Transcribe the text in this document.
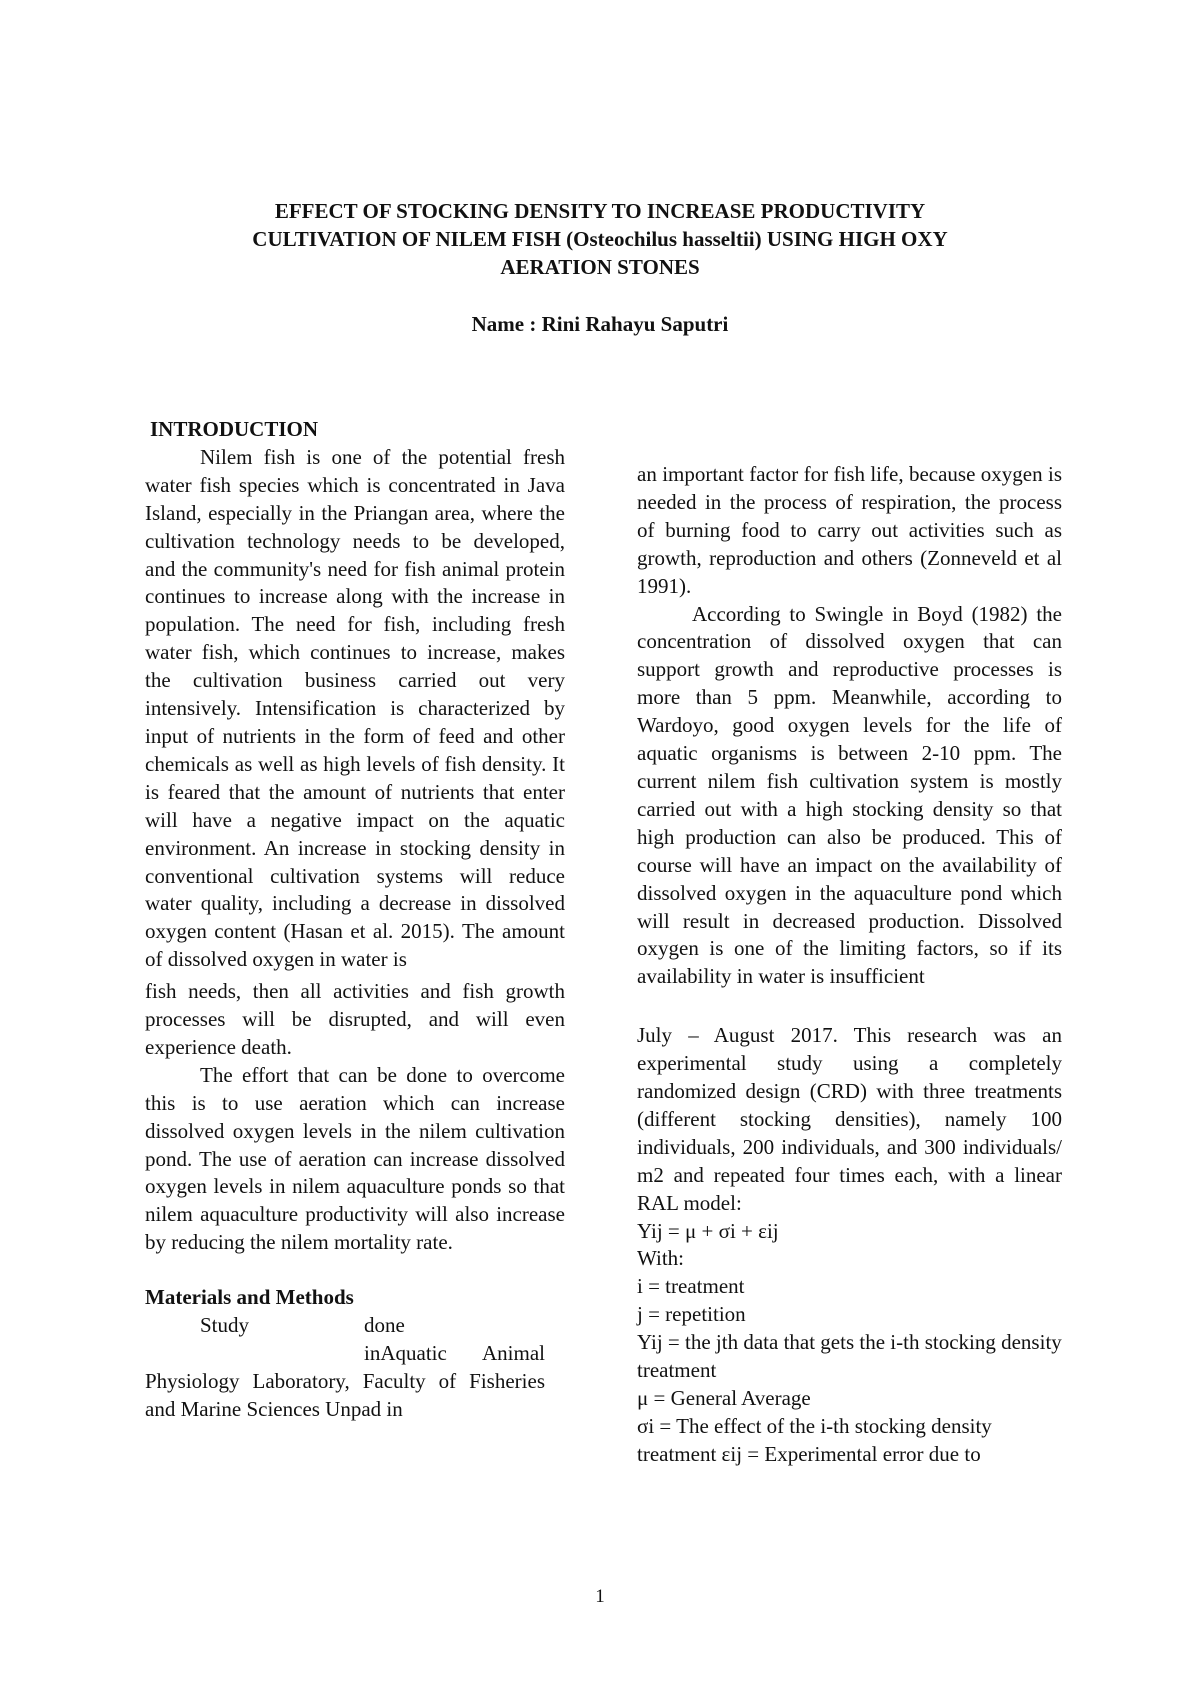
EFFECT OF STOCKING DENSITY TO INCREASE PRODUCTIVITY
CULTIVATION OF NILEM FISH (Osteochilus hasseltii) USING HIGH OXY
AERATION STONES
Name : Rini Rahayu Saputri
INTRODUCTION

Nilem fish is one of the potential fresh water fish species which is concentrated in Java Island, especially in the Priangan area, where the cultivation technology needs to be developed, and the community's need for fish animal protein continues to increase along with the increase in population. The need for fish, including fresh water fish, which continues to increase, makes the cultivation business carried out very intensively. Intensification is characterized by input of nutrients in the form of feed and other chemicals as well as high levels of fish density. It is feared that the amount of nutrients that enter will have a negative impact on the aquatic environment. An increase in stocking density in conventional cultivation systems will reduce water quality, including a decrease in dissolved oxygen content (Hasan et al. 2015). The amount of dissolved oxygen in water is

fish needs, then all activities and fish growth processes will be disrupted, and will even experience death.

The effort that can be done to overcome this is to use aeration which can increase dissolved oxygen levels in the nilem cultivation pond. The use of aeration can increase dissolved oxygen levels in nilem aquaculture ponds so that nilem aquaculture productivity will also increase by reducing the nilem mortality rate.

Materials and Methods

Study	done

inAquatic Animal

Physiology Laboratory, Faculty of Fisheries and Marine Sciences Unpad in

an important factor for fish life, because oxygen is needed in the process of respiration, the process of burning food to carry out activities such as growth, reproduction and others (Zonneveld et al 1991).

According to Swingle in Boyd (1982) the concentration of dissolved oxygen that can support growth and reproductive processes is more than 5 ppm. Meanwhile, according to Wardoyo, good oxygen levels for the life of aquatic organisms is between 2-10 ppm. The current nilem fish cultivation system is mostly carried out with a high stocking density so that high production can also be produced. This of course will have an impact on the availability of dissolved oxygen in the aquaculture pond which will result in decreased production. Dissolved oxygen is one of the limiting factors, so if its availability in water is insufficient

July – August 2017. This research was an experimental study using a completely randomized design (CRD) with three treatments (different stocking densities), namely 100 individuals, 200 individuals, and 300 individuals/ m2 and repeated four times each, with a linear RAL model:

Yij = μ + σi + εij

With:

i = treatment

j = repetition

Yij = the jth data that gets the i-th stocking density treatment

μ = General Average

σi = The effect of the i-th stocking density treatment εij = Experimental error due to

1
